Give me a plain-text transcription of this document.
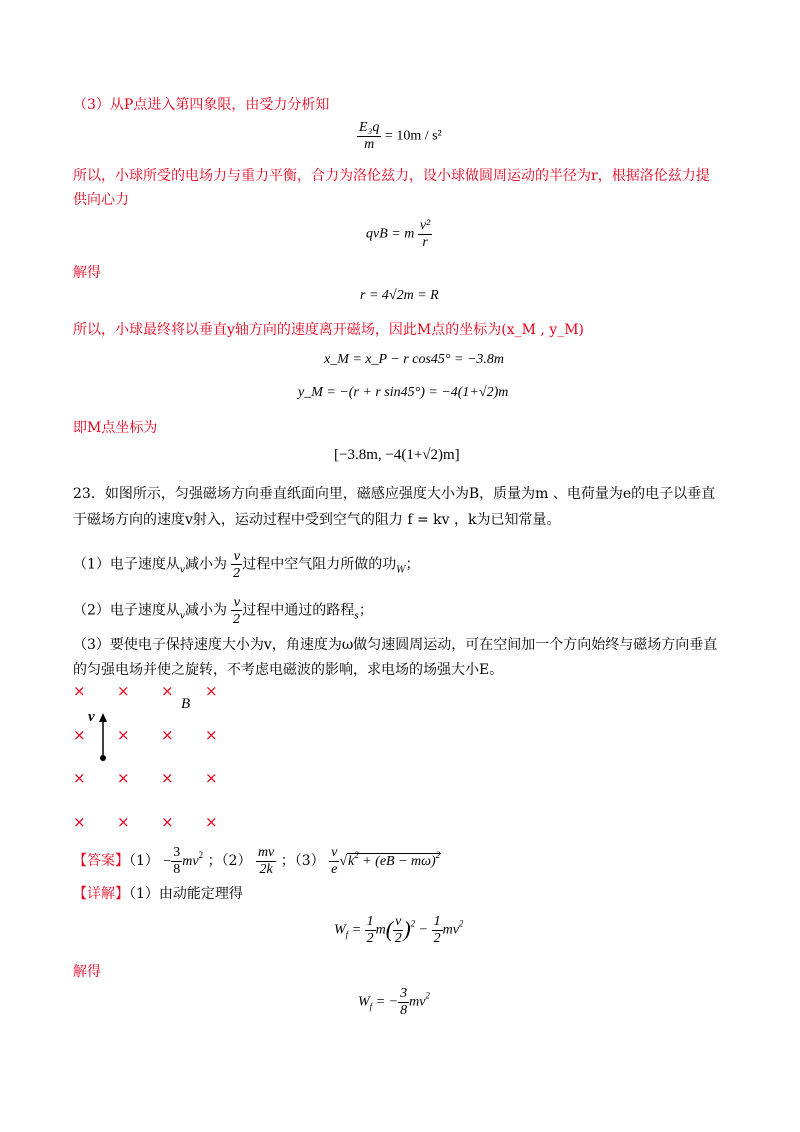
（3）从P点进入第四象限，由受力分析知
$\frac{\text{E₃q}}{m} = 10m / s^2$
所以，小球所受的电场力与重力平衡，合力为洛伦兹力，设小球做圆周运动的半径为r，根据洛伦兹力提
供向心力
qvB = m $\frac{\text{v²}}{r}$
解得
r = 4√2m = R
所以，小球最终将以垂直y轴方向的速度离开磁场，因此M点的坐标为(x_M , y_M)
x_M = x_P − r cos45° = −3.8m
y_M = −(r + r sin45°) = −4(1+√2)m
即M点坐标为
[−3.8m, −4(1+√2)m]
23．如图所示，匀强磁场方向垂直纸面向里，磁感应强度大小为B，质量为m 、电荷量为e的电子以垂直
于磁场方向的速度v射入，运动过程中受到空气的阻力 f = kv ，k为已知常量。
（1）电子速度从$_v$减小为 $\frac{v}{2}$ 过程中空气阻力所做的功$_W$；
（2）电子速度从$_v$减小为 $\frac{v}{2}$ 过程中通过的路程$_s$；
（3）要使电子保持速度大小为v，角速度为ω做匀速圆周运动，可在空间加一个方向始终与磁场方向垂直
的匀强电场并使之旋转，不考虑电磁波的影响，求电场的场强大小E。
× × × ×
× × × ×
× × × ×
× × × ×
B
v
【答案】$(1) - \frac{3}{8} mv^2$ ；$(2) \frac{mv}{2k}$ ；$(3) \frac{v}{e} √k^2 + (eB - m\omega)^2$
【详解】（1）由动能定理得
$W_f = \frac{1}{2} m( \frac{v}{2} )^2 - \frac{1}{2} mv^2$
解得
$W_f$ = − $\frac{3}{8} mv^2$
